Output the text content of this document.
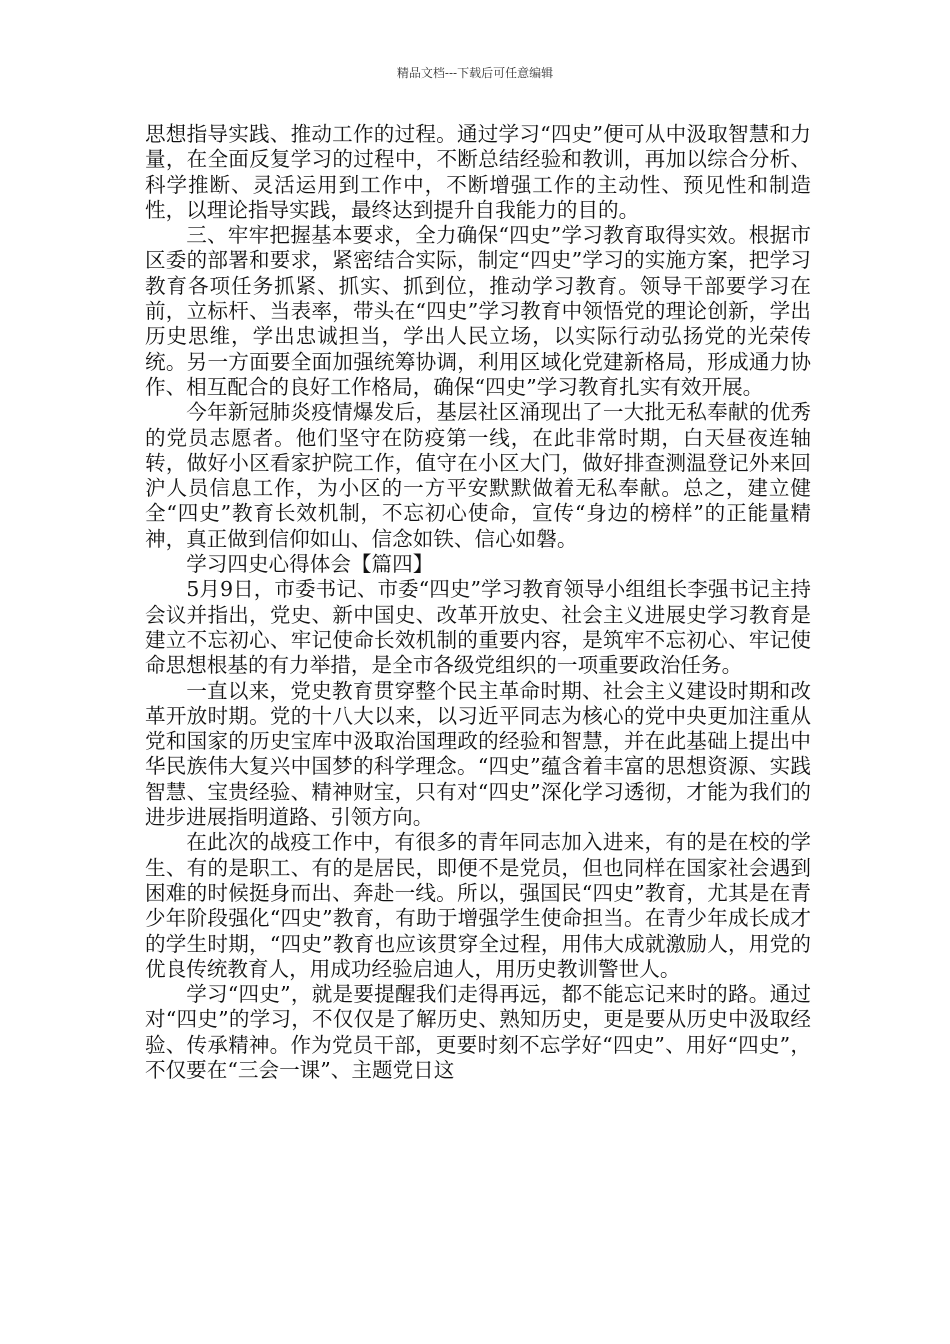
精品文档---下载后可任意编辑

思想指导实践、推动工作的过程。通过学习“四史”便可从中汲取智慧和力量，在全面反复学习的过程中，不断总结经验和教训，再加以综合分析、科学推断、灵活运用到工作中，不断增强工作的主动性、预见性和制造性，以理论指导实践，最终达到提升自我能力的目的。

三、牢牢把握基本要求，全力确保“四史”学习教育取得实效。根据市区委的部署和要求，紧密结合实际，制定“四史”学习的实施方案，把学习教育各项任务抓紧、抓实、抓到位，推动学习教育。领导干部要学习在前，立标杆、当表率，带头在“四史”学习教育中领悟党的理论创新，学出历史思维，学出忠诚担当，学出人民立场，以实际行动弘扬党的光荣传统。另一方面要全面加强统筹协调，利用区域化党建新格局，形成通力协作、相互配合的良好工作格局，确保“四史”学习教育扎实有效开展。

今年新冠肺炎疫情爆发后，基层社区涌现出了一大批无私奉献的优秀的党员志愿者。他们坚守在防疫第一线，在此非常时期，白天昼夜连轴转，做好小区看家护院工作，值守在小区大门，做好排查测温登记外来回沪人员信息工作，为小区的一方平安默默做着无私奉献。总之，建立健全“四史”教育长效机制，不忘初心使命，宣传“身边的榜样”的正能量精神，真正做到信仰如山、信念如铁、信心如磐。

学习四史心得体会【篇四】

5月9日，市委书记、市委“四史”学习教育领导小组组长李强书记主持会议并指出，党史、新中国史、改革开放史、社会主义进展史学习教育是建立不忘初心、牢记使命长效机制的重要内容，是筑牢不忘初心、牢记使命思想根基的有力举措，是全市各级党组织的一项重要政治任务。

一直以来，党史教育贯穿整个民主革命时期、社会主义建设时期和改革开放时期。党的十八大以来，以习近平同志为核心的党中央更加注重从党和国家的历史宝库中汲取治国理政的经验和智慧，并在此基础上提出中华民族伟大复兴中国梦的科学理念。“四史”蕴含着丰富的思想资源、实践智慧、宝贵经验、精神财宝，只有对“四史”深化学习透彻，才能为我们的进步进展指明道路、引领方向。

在此次的战疫工作中，有很多的青年同志加入进来，有的是在校的学生、有的是职工、有的是居民，即便不是党员，但也同样在国家社会遇到困难的时候挺身而出、奔赴一线。所以，强国民“四史”教育，尤其是在青少年阶段强化“四史”教育，有助于增强学生使命担当。在青少年成长成才的学生时期，“四史”教育也应该贯穿全过程，用伟大成就激励人，用党的优良传统教育人，用成功经验启迪人，用历史教训警世人。

学习“四史”，就是要提醒我们走得再远，都不能忘记来时的路。通过对“四史”的学习，不仅仅是了解历史、熟知历史，更是要从历史中汲取经验、传承精神。作为党员干部，更要时刻不忘学好“四史”、用好“四史”，不仅要在“三会一课”、主题党日这
